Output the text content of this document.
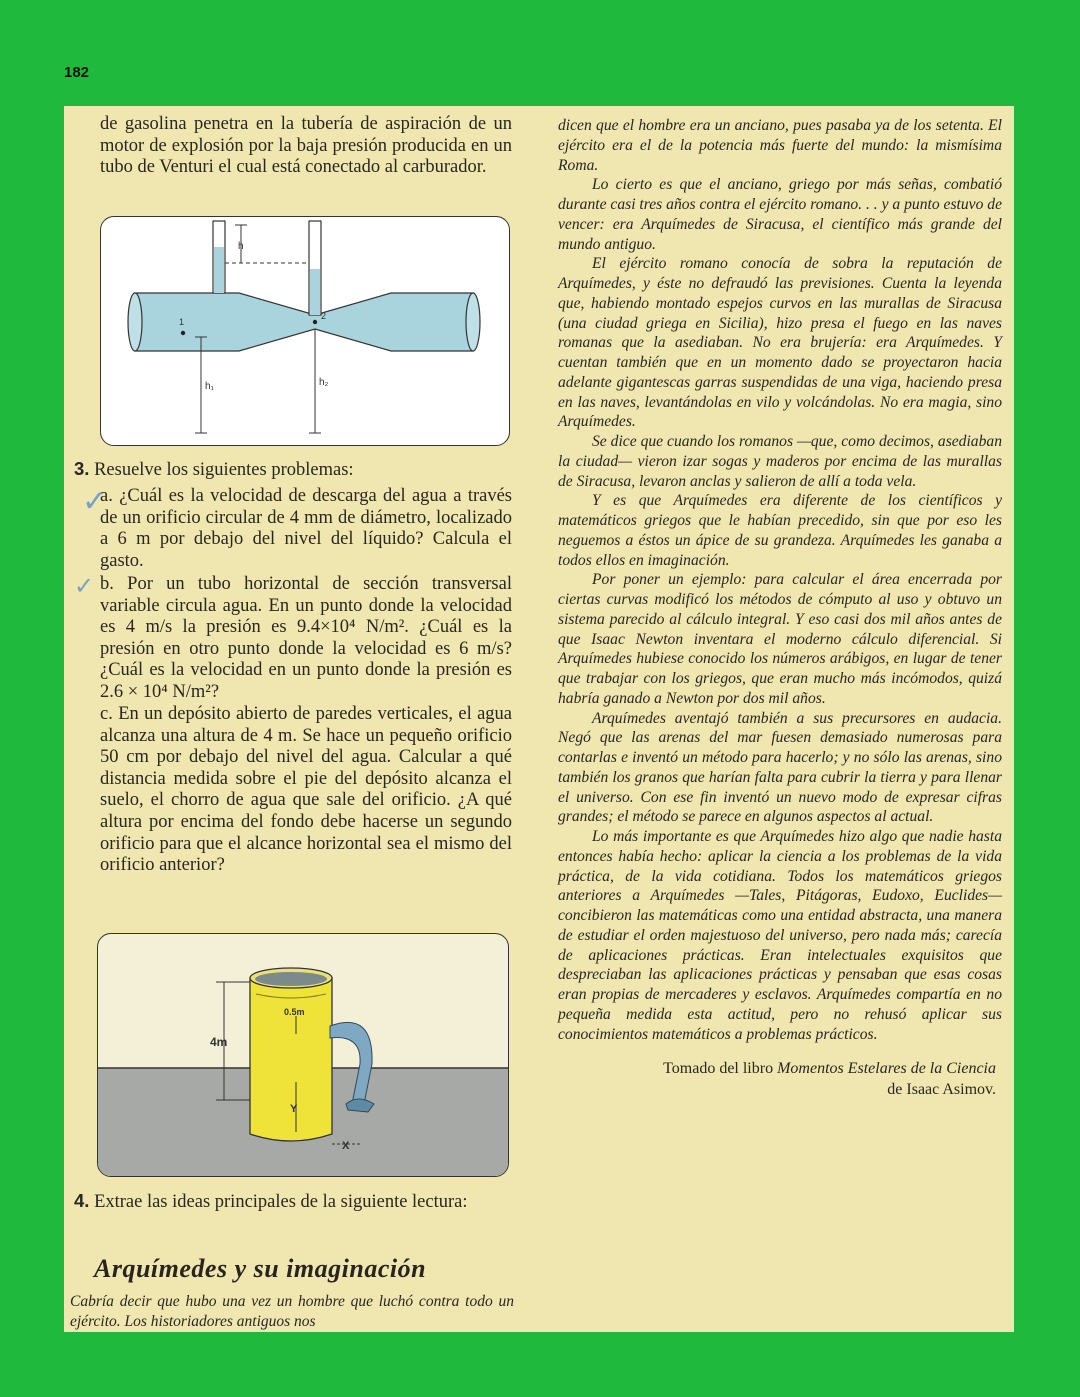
182
de gasolina penetra en la tubería de aspiración de un motor de explosión por la baja presión producida en un tubo de Venturi el cual está conectado al carburador.
h
1
2
h₁	h₂
3. Resuelve los siguientes problemas:
✓
✓
a. ¿Cuál es la velocidad de descarga del agua a través de un orificio circular de 4 mm de diámetro, localizado a 6 m por debajo del nivel del líquido? Calcula el gasto.
b. Por un tubo horizontal de sección transversal variable circula agua. En un punto donde la velocidad es 4 m/s la presión es 9.4×10⁴ N/m². ¿Cuál es la presión en otro punto donde la velocidad es 6 m/s? ¿Cuál es la velocidad en un punto donde la presión es 2.6 × 10⁴ N/m²?
c. En un depósito abierto de paredes verticales, el agua alcanza una altura de 4 m. Se hace un pequeño orificio 50 cm por debajo del nivel del agua. Calcular a qué distancia medida sobre el pie del depósito alcanza el suelo, el chorro de agua que sale del orificio. ¿A qué altura por encima del fondo debe hacerse un segundo orificio para que el alcance horizontal sea el mismo del orificio anterior?
4m
0.5m
Y
X
4. Extrae las ideas principales de la siguiente lectura:
Arquímedes y su imaginación
Cabría decir que hubo una vez un hombre que luchó contra todo un ejército. Los historiadores antiguos nos

dicen que el hombre era un anciano, pues pasaba ya de los setenta. El ejército era el de la potencia más fuerte del mundo: la mismísima Roma.

Lo cierto es que el anciano, griego por más señas, combatió durante casi tres años contra el ejército romano. . . y a punto estuvo de vencer: era Arquímedes de Siracusa, el científico más grande del mundo antiguo.

El ejército romano conocía de sobra la reputación de Arquímedes, y éste no defraudó las previsiones. Cuenta la leyenda que, habiendo montado espejos curvos en las murallas de Siracusa (una ciudad griega en Sicilia), hizo presa el fuego en las naves romanas que la asediaban. No era brujería: era Arquímedes. Y cuentan también que en un momento dado se proyectaron hacia adelante gigantescas garras suspendidas de una viga, haciendo presa en las naves, levantándolas en vilo y volcándolas. No era magia, sino Arquímedes.

Se dice que cuando los romanos —que, como decimos, asediaban la ciudad— vieron izar sogas y maderos por encima de las murallas de Siracusa, levaron anclas y salieron de allí a toda vela.

Y es que Arquímedes era diferente de los científicos y matemáticos griegos que le habían precedido, sin que por eso les neguemos a éstos un ápice de su grandeza. Arquímedes les ganaba a todos ellos en imaginación.

Por poner un ejemplo: para calcular el área encerrada por ciertas curvas modificó los métodos de cómputo al uso y obtuvo un sistema parecido al cálculo integral. Y eso casi dos mil años antes de que Isaac Newton inventara el moderno cálculo diferencial. Si Arquímedes hubiese conocido los números arábigos, en lugar de tener que trabajar con los griegos, que eran mucho más incómodos, quizá habría ganado a Newton por dos mil años.

Arquímedes aventajó también a sus precursores en audacia. Negó que las arenas del mar fuesen demasiado numerosas para contarlas e inventó un método para hacerlo; y no sólo las arenas, sino también los granos que harían falta para cubrir la tierra y para llenar el universo. Con ese fin inventó un nuevo modo de expresar cifras grandes; el método se parece en algunos aspectos al actual.

Lo más importante es que Arquímedes hizo algo que nadie hasta entonces había hecho: aplicar la ciencia a los problemas de la vida práctica, de la vida cotidiana. Todos los matemáticos griegos anteriores a Arquímedes —Tales, Pitágoras, Eudoxo, Euclides— concibieron las matemáticas como una entidad abstracta, una manera de estudiar el orden majestuoso del universo, pero nada más; carecía de aplicaciones prácticas. Eran intelectuales exquisitos que despreciaban las aplicaciones prácticas y pensaban que esas cosas eran propias de mercaderes y esclavos. Arquímedes compartía en no pequeña medida esta actitud, pero no rehusó aplicar sus conocimientos matemáticos a problemas prácticos.

Tomado del libro Momentos Estelares de la Ciencia
de Isaac Asimov.
